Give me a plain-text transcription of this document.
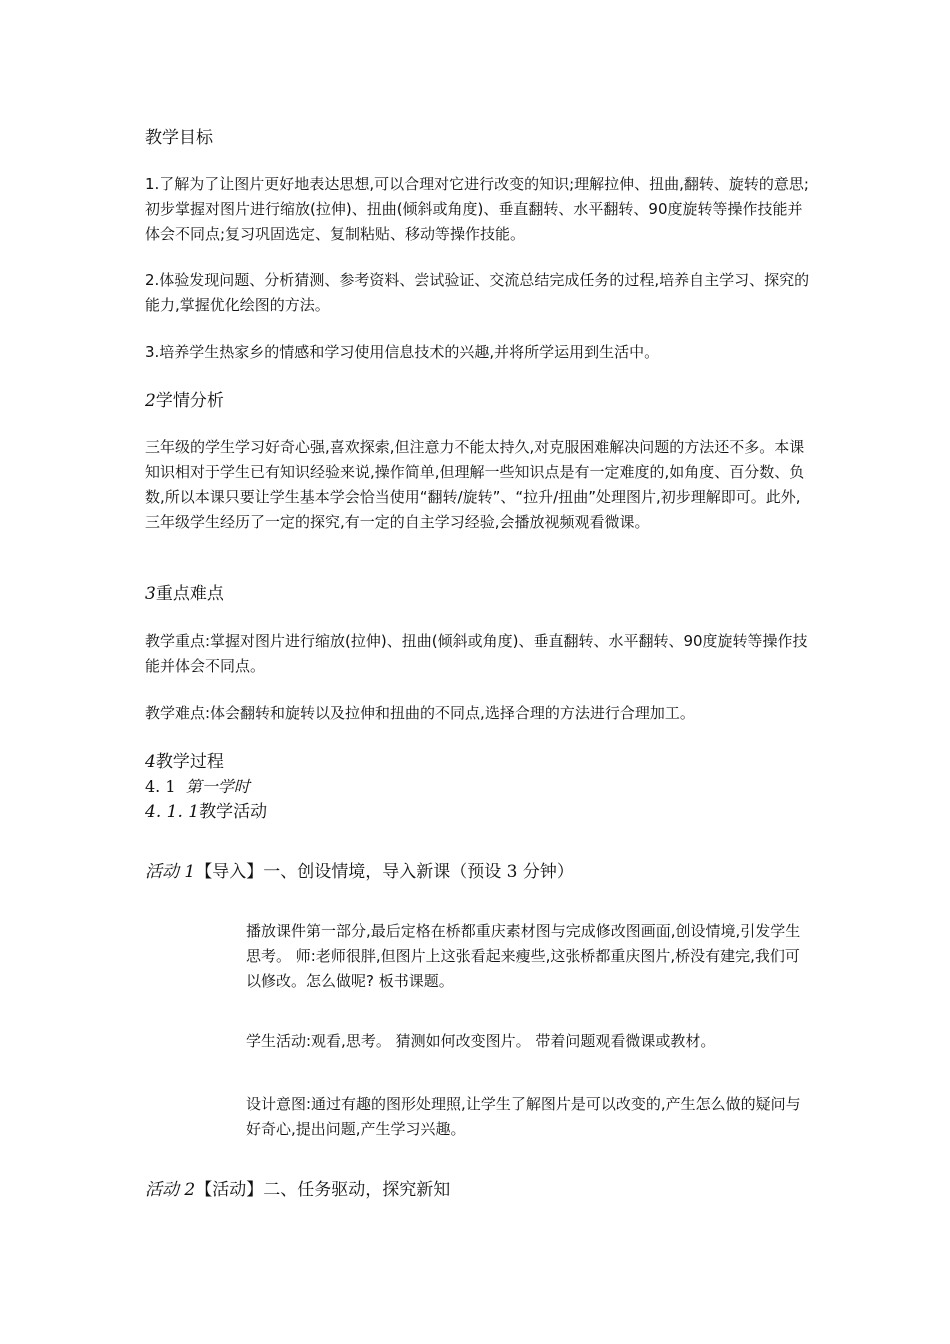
教学目标

1.了解为了让图片更好地表达思想,可以合理对它进行改变的知识;理解拉伸、扭曲,翻转、旋转的意思;初步掌握对图片进行缩放(拉伸)、扭曲(倾斜或角度)、垂直翻转、水平翻转、90度旋转等操作技能并体会不同点;复习巩固选定、复制粘贴、移动等操作技能。

2.体验发现问题、分析猜测、参考资料、尝试验证、交流总结完成任务的过程,培养自主学习、探究的能力,掌握优化绘图的方法。

3.培养学生热家乡的情感和学习使用信息技术的兴趣,并将所学运用到生活中。

2学情分析

三年级的学生学习好奇心强,喜欢探索,但注意力不能太持久,对克服困难解决问题的方法还不多。本课知识相对于学生已有知识经验来说,操作简单,但理解一些知识点是有一定难度的,如角度、百分数、负数,所以本课只要让学生基本学会恰当使用“翻转/旋转”、“拉升/扭曲”处理图片,初步理解即可。此外,三年级学生经历了一定的探究,有一定的自主学习经验,会播放视频观看微课。

3重点难点

教学重点:掌握对图片进行缩放(拉伸)、扭曲(倾斜或角度)、垂直翻转、水平翻转、90度旋转等操作技能并体会不同点。

教学难点:体会翻转和旋转以及拉伸和扭曲的不同点,选择合理的方法进行合理加工。

4教学过程

4. 1 第一学时

4. 1. 1教学活动

活动 1【导入】一、创设情境，导入新课（预设 3 分钟）

播放课件第一部分,最后定格在桥都重庆素材图与完成修改图画面,创设情境,引发学生思考。 师:老师很胖,但图片上这张看起来瘦些,这张桥都重庆图片,桥没有建完,我们可以修改。怎么做呢? 板书课题。

学生活动:观看,思考。 猜测如何改变图片。 带着问题观看微课或教材。

设计意图:通过有趣的图形处理照,让学生了解图片是可以改变的,产生怎么做的疑问与好奇心,提出问题,产生学习兴趣。

活动 2【活动】二、任务驱动，探究新知
